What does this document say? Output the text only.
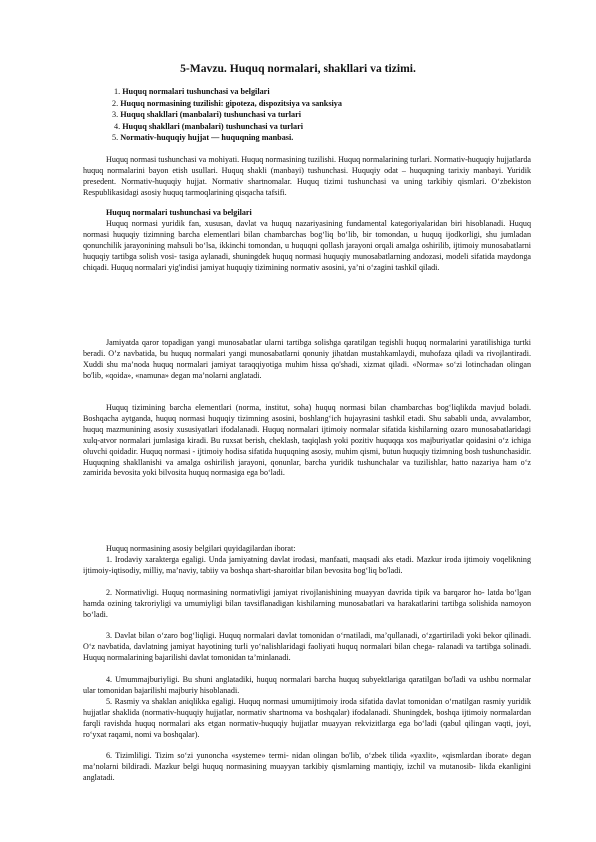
5-Mavzu. Huquq normalari, shakllari va tizimi.
1. Huquq normalari tushunchasi va belgilari
2. Huquq normasining tuzilishi: gipoteza, dispozitsiya va sanksiya
3. Huquq shakllari (manbalari) tushunchasi va turlari
4. Huquq shakllari (manbalari) tushunchasi va turlari
5. Normativ-huquqiy hujjat — huquqning manbasi.

Huquq normasi tushunchasi va mohiyati. Huquq normasining tuzilishi. Huquq normalarining turlari. Normativ-huquqiy hujjatlarda huquq normalarini bayon etish usullari. Huquq shakli (manbayi) tushunchasi. Huquqiy odat – huquqning tarixiy manbayi. Yuridik presedent. Normativ-huquqiy hujjat. Normativ shartnomalar. Huquq tizimi tushunchasi va uning tarkibiy qismlari. O‘zbekiston Respublikasidagi asosiy huquq tarmoqlarining qisqacha tafsifi.

Huquq normalari tushunchasi va belgilari

Huquq normasi yuridik fan, xususan, davlat va huquq nazariyasining fundamental kategoriyalaridan biri hisoblanadi. Huquq normasi huquqiy tizimning barcha elementlari bilan chambarchas bog‘liq bo‘lib, bir tomondan, u huquq ijodkorligi, shu jumladan qonunchilik jarayonining mahsuli bo‘lsa, ikkinchi tomondan, u huquqni qollash jarayoni orqali amalga oshirilib, ijtimoiy munosabatlarni huquqiy tartibga solish vosi- tasiga aylanadi, shuningdek huquq normasi huquqiy munosabatlarning andozasi, modeli sifatida maydonga chiqadi. Huquq normalari yig'indisi jamiyat huquqiy tizimining normativ asosini, ya’ni o‘zagini tashkil qiladi.

Jamiyatda qaror topadigan yangi munosabatlar ularni tartibga solishga qaratilgan tegishli huquq normalarini yaratilishiga turtki beradi. O’z navbatida, bu huquq normalari yangi munosabatlarni qonuniy jihatdan mustahkamlaydi, muhofaza qiladi va rivojlantiradi. Xuddi shu ma’noda huquq normalari jamiyat taraqqiyotiga muhim hissa qo'shadi, xizmat qiladi. «Norma» so‘zi lotinchadan olingan bo'lib, «qoida», «namuna» degan ma’nolarni anglatadi.

Huquq tizimining barcha elementlari (norma, institut, soha) huquq normasi bilan chambarchas bog‘liqlikda mavjud boladi. Boshqacha aytganda, huquq normasi huquqiy tizimning asosini, boshlang‘ich hujayrasini tashkil etadi. Shu sababli unda, avvalambor, huquq mazmunining asosiy xususiyatlari ifodalanadi. Huquq normalari ijtimoiy normalar sifatida kishilarning ozaro munosabatlaridagi xulq-atvor normalari jumlasiga kiradi. Bu ruxsat berish, cheklash, taqiqlash yoki pozitiv huquqqa xos majburiyatlar qoidasini o‘z ichiga oluvchi qoidadir. Huquq normasi - ijtimoiy hodisa sifatida huquqning asosiy, muhim qismi, butun huquqiy tizimning bosh tushunchasidir. Huquqning shakllanishi va amalga oshirilish jarayoni, qonunlar, barcha yuridik tushunchalar va tuzilishlar, hatto nazariya ham o‘z zamirida bevosita yoki bilvosita huquq normasiga ega bo‘ladi.

Huquq normasining asosiy belgilari quyidagilardan iborat:

1. Irodaviy xarakterga egaligi. Unda jamiyatning davlat irodasi, manfaati, maqsadi aks etadi. Mazkur iroda ijtimoiy voqelikning ijtimoiy-iqtisodiy, milliy, ma’naviy, tabiiy va boshqa shart-sharoitlar bilan bevosita bog‘liq bo'ladi.

2. Normativligi. Huquq normasining normativligi jamiyat rivojlanishining muayyan davrida tipik va barqaror ho- latda bo‘lgan hamda ozining takroriyligi va umumiyligi bilan tavsiflanadigan kishilarning munosabatlari va harakatlarini tartibga solishida namoyon bo‘ladi.

3. Davlat bilan o‘zaro bog‘liqligi. Huquq normalari davlat tomonidan o‘rnatiladi, ma’qullanadi, o‘zgartiriladi yoki bekor qilinadi. O‘z navbatida, davlatning jamiyat hayotining turli yo‘nalishlaridagi faoliyati huquq normalari bilan chega- ralanadi va tartibga solinadi. Huquq normalarining bajarilishi davlat tomonidan ta’minlanadi.

4. Umummajburiyligi. Bu shuni anglatadiki, huquq normalari barcha huquq subyektlariga qaratilgan bo'ladi va ushbu normalar ular tomonidan bajarilishi majburiy hisoblanadi.

5. Rasmiy va shaklan aniqlikka egaligi. Huquq normasi umumijtimoiy iroda sifatida davlat tomonidan o‘rnatilgan rasmiy yuridik hujjatlar shaklida (normativ-huquqiy hujjatlar, normativ shartnoma va boshqalar) ifodalanadi. Shuningdek, boshqa ijtimoiy normalardan farqli ravishda huquq normalari aks etgan normativ-huquqiy hujjatlar muayyan rekvizitlarga ega bo‘ladi (qabul qilingan vaqti, joyi, ro‘yxat raqami, nomi va boshqalar).

6. Tizimliligi. Tizim so‘zi yunoncha «systeme» termi- nidan olingan bo'lib, o‘zbek tilida «yaxlit», «qismlardan iborat» degan ma’nolarni bildiradi. Mazkur belgi huquq normasining muayyan tarkibiy qismlarning mantiqiy, izchil va mutanosib- likda ekanligini anglatadi.
